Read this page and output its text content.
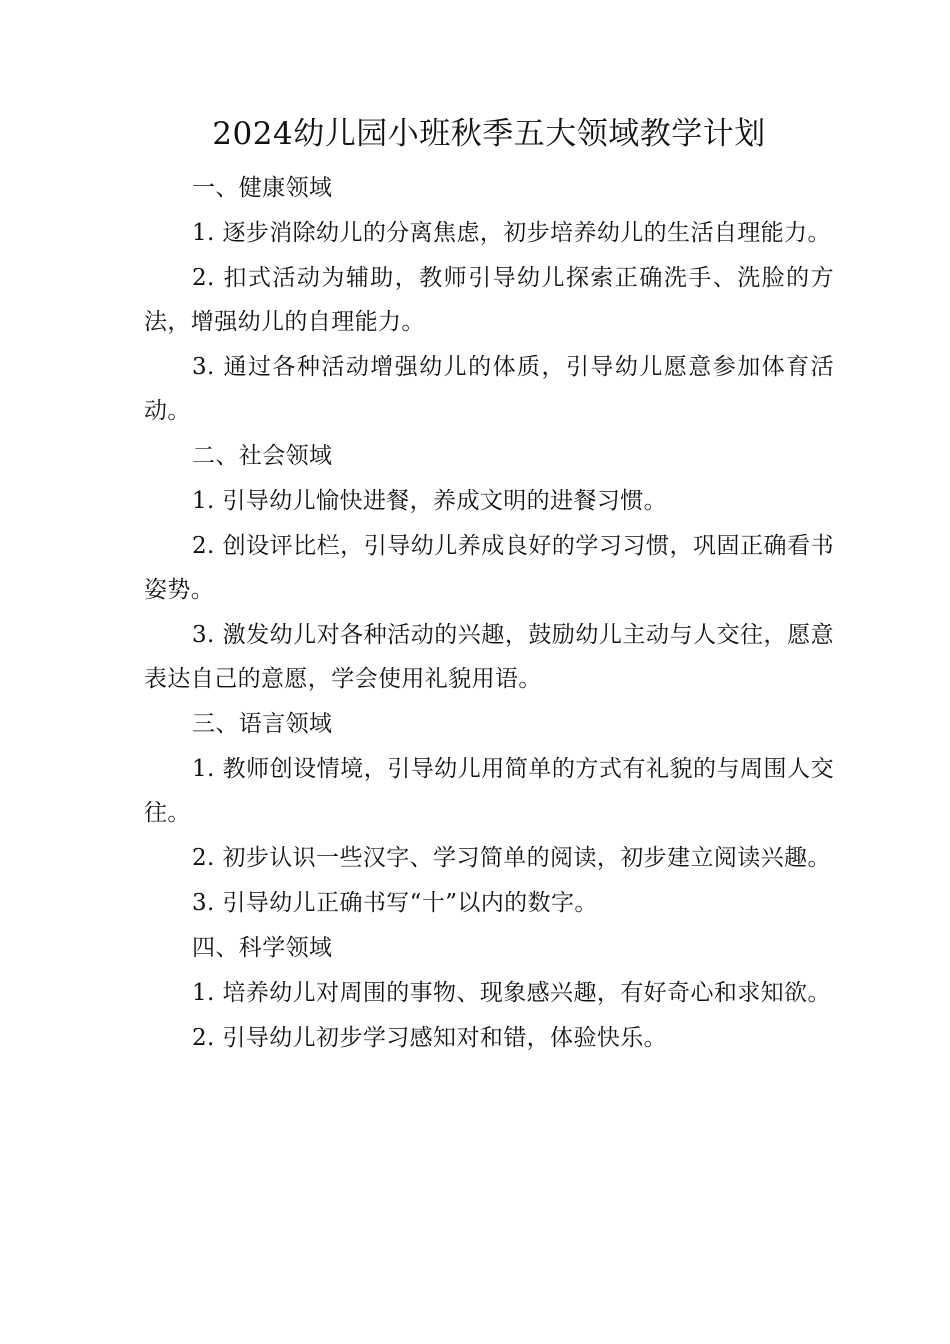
2024幼儿园小班秋季五大领域教学计划

一、健康领域

1. 逐步消除幼儿的分离焦虑，初步培养幼儿的生活自理能力。

2. 扣式活动为辅助，教师引导幼儿探索正确洗手、洗脸的方法，增强幼儿的自理能力。

3. 通过各种活动增强幼儿的体质，引导幼儿愿意参加体育活动。

二、社会领域

1. 引导幼儿愉快进餐，养成文明的进餐习惯。

2. 创设评比栏，引导幼儿养成良好的学习习惯，巩固正确看书姿势。

3. 激发幼儿对各种活动的兴趣，鼓励幼儿主动与人交往，愿意表达自己的意愿，学会使用礼貌用语。

三、语言领域

1. 教师创设情境，引导幼儿用简单的方式有礼貌的与周围人交往。

2. 初步认识一些汉字、学习简单的阅读，初步建立阅读兴趣。

3. 引导幼儿正确书写“十”以内的数字。

四、科学领域

1. 培养幼儿对周围的事物、现象感兴趣，有好奇心和求知欲。

2. 引导幼儿初步学习感知对和错，体验快乐。
